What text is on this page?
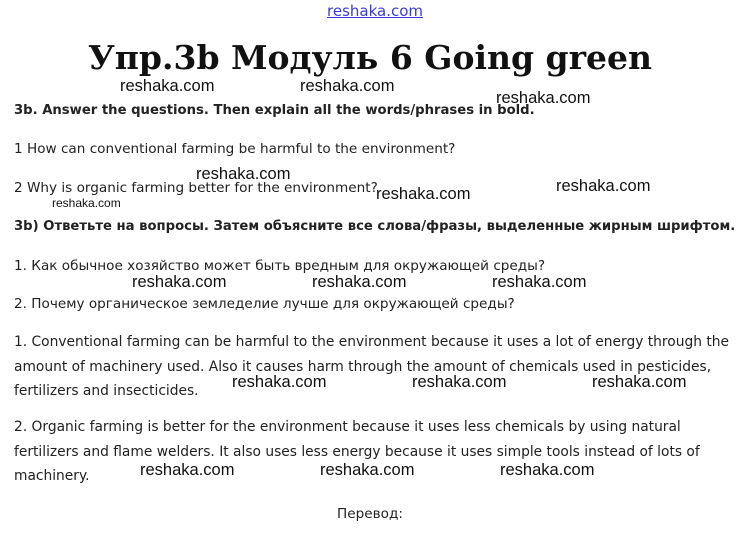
reshaka.com
Упр.3b Модуль 6 Going green
3b. Answer the questions. Then explain all the words/phrases in bold.
1 How can conventional farming be harmful to the environment?
2 Why is organic farming better for the environment?
3b) Ответьте на вопросы. Затем объясните все слова/фразы, выделенные жирным шрифтом.
1. Как обычное хозяйство может быть вредным для окружающей среды?
2. Почему органическое земледелие лучше для окружающей среды?
1. Conventional farming can be harmful to the environment because it uses a lot of energy through the amount of machinery used. Also it causes harm through the amount of chemicals used in pesticides, fertilizers and insecticides.
2. Organic farming is better for the environment because it uses less chemicals by using natural fertilizers and flame welders. It also uses less energy because it uses simple tools instead of lots of machinery.
Перевод:
reshaka.com	reshaka.com
reshaka.com
reshaka.com
reshaka.com	reshaka.com
reshaka.com
reshaka.com	reshaka.com	reshaka.com
reshaka.com	reshaka.com	reshaka.com
reshaka.com	reshaka.com	reshaka.com
